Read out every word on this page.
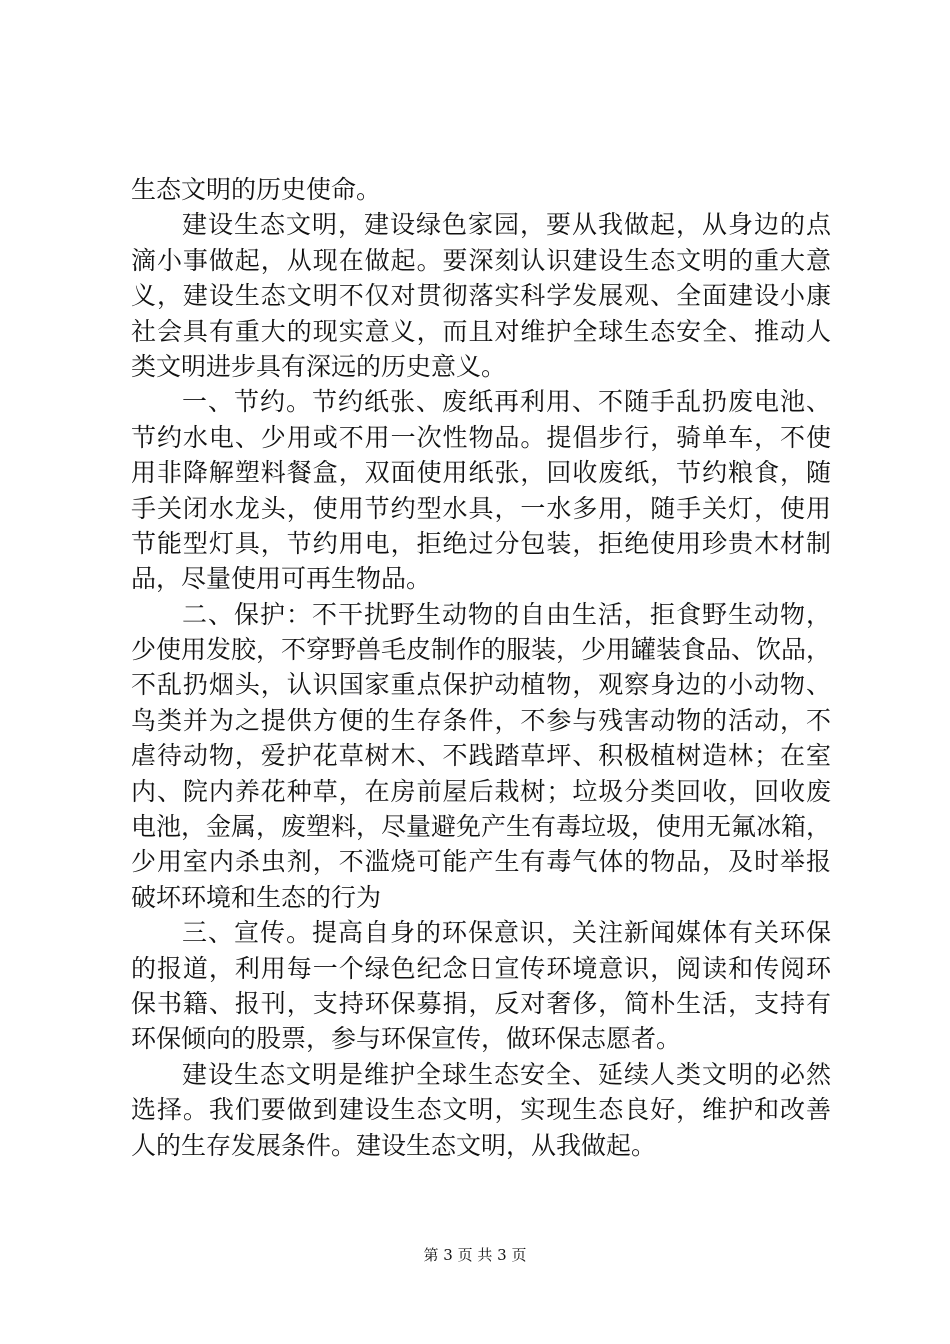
生态文明的历史使命。
建设生态文明，建设绿色家园，要从我做起，从身边的点
滴小事做起，从现在做起。要深刻认识建设生态文明的重大意
义，建设生态文明不仅对贯彻落实科学发展观、全面建设小康
社会具有重大的现实意义，而且对维护全球生态安全、推动人
类文明进步具有深远的历史意义。
一、节约。节约纸张、废纸再利用、不随手乱扔废电池、
节约水电、少用或不用一次性物品。提倡步行，骑单车，不使
用非降解塑料餐盒，双面使用纸张，回收废纸，节约粮食，随
手关闭水龙头，使用节约型水具，一水多用，随手关灯，使用
节能型灯具，节约用电，拒绝过分包装，拒绝使用珍贵木材制
品，尽量使用可再生物品。
二、保护：不干扰野生动物的自由生活，拒食野生动物，
少使用发胶，不穿野兽毛皮制作的服装，少用罐装食品、饮品，
不乱扔烟头，认识国家重点保护动植物，观察身边的小动物、
鸟类并为之提供方便的生存条件，不参与残害动物的活动，不
虐待动物，爱护花草树木、不践踏草坪、积极植树造林；在室
内、院内养花种草，在房前屋后栽树；垃圾分类回收，回收废
电池，金属，废塑料，尽量避免产生有毒垃圾，使用无氟冰箱，
少用室内杀虫剂，不滥烧可能产生有毒气体的物品，及时举报
破坏环境和生态的行为
三、宣传。提高自身的环保意识，关注新闻媒体有关环保
的报道，利用每一个绿色纪念日宣传环境意识，阅读和传阅环
保书籍、报刊，支持环保募捐，反对奢侈，简朴生活，支持有
环保倾向的股票，参与环保宣传，做环保志愿者。
建设生态文明是维护全球生态安全、延续人类文明的必然
选择。我们要做到建设生态文明，实现生态良好，维护和改善
人的生存发展条件。建设生态文明，从我做起。
第 3 页 共 3 页
